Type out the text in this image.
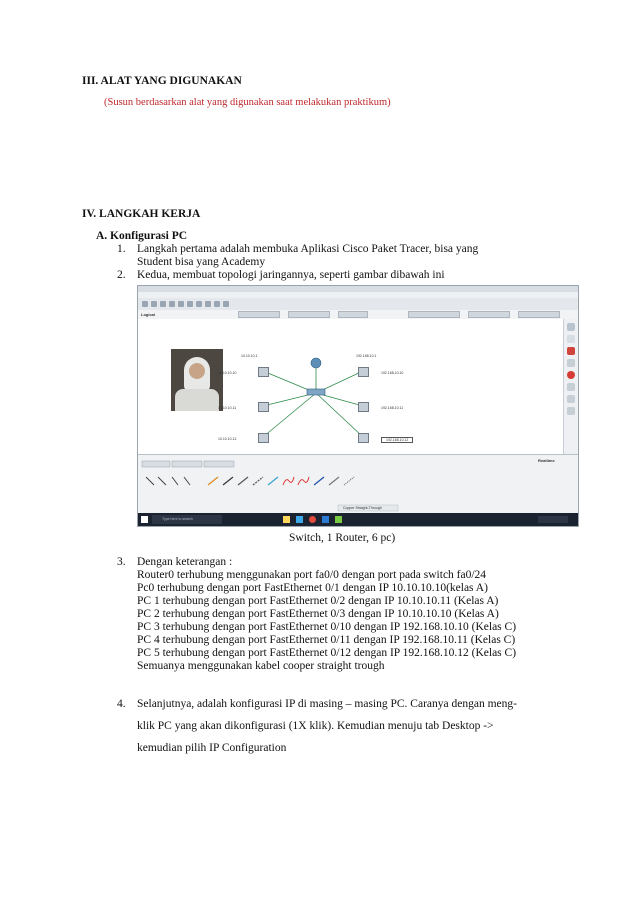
III. ALAT YANG DIGUNAKAN
(Susun berdasarkan alat yang digunakan saat melakukan praktikum)
IV. LANGKAH KERJA
A. Konfigurasi PC
1. Langkah pertama adalah membuka Aplikasi Cisco Paket Tracer, bisa yang
Student bisa yang Academy
2. Kedua, membuat topologi jaringannya, seperti gambar dibawah ini
Logical
10.10.10.1	192.168.10.1
10.10.10.10
10.10.10.11
10.10.10.12
192.168.10.10
192.168.10.11
192.168.10.12
Realtime
Copper Straight-Through
Type here to search
Switch, 1 Router, 6 pc)
3. Dengan keterangan :
Router0 terhubung menggunakan port fa0/0 dengan port pada switch fa0/24
Pc0 terhubung dengan port FastEthernet 0/1 dengan IP 10.10.10.10(kelas A)
PC 1 terhubung dengan port FastEthernet 0/2 dengan IP 10.10.10.11 (Kelas A)
PC 2 terhubung dengan port FastEthernet 0/3 dengan IP 10.10.10.10 (Kelas A)
PC 3 terhubung dengan port FastEthernet 0/10 dengan IP 192.168.10.10 (Kelas C)
PC 4 terhubung dengan port FastEthernet 0/11 dengan IP 192.168.10.11 (Kelas C)
PC 5 terhubung dengan port FastEthernet 0/12 dengan IP 192.168.10.12 (Kelas C)
Semuanya menggunakan kabel cooper straight trough
4. Selanjutnya, adalah konfigurasi IP di masing – masing PC. Caranya dengan meng-
klik PC yang akan dikonfigurasi (1X klik). Kemudian menuju tab Desktop ->
kemudian pilih IP Configuration
